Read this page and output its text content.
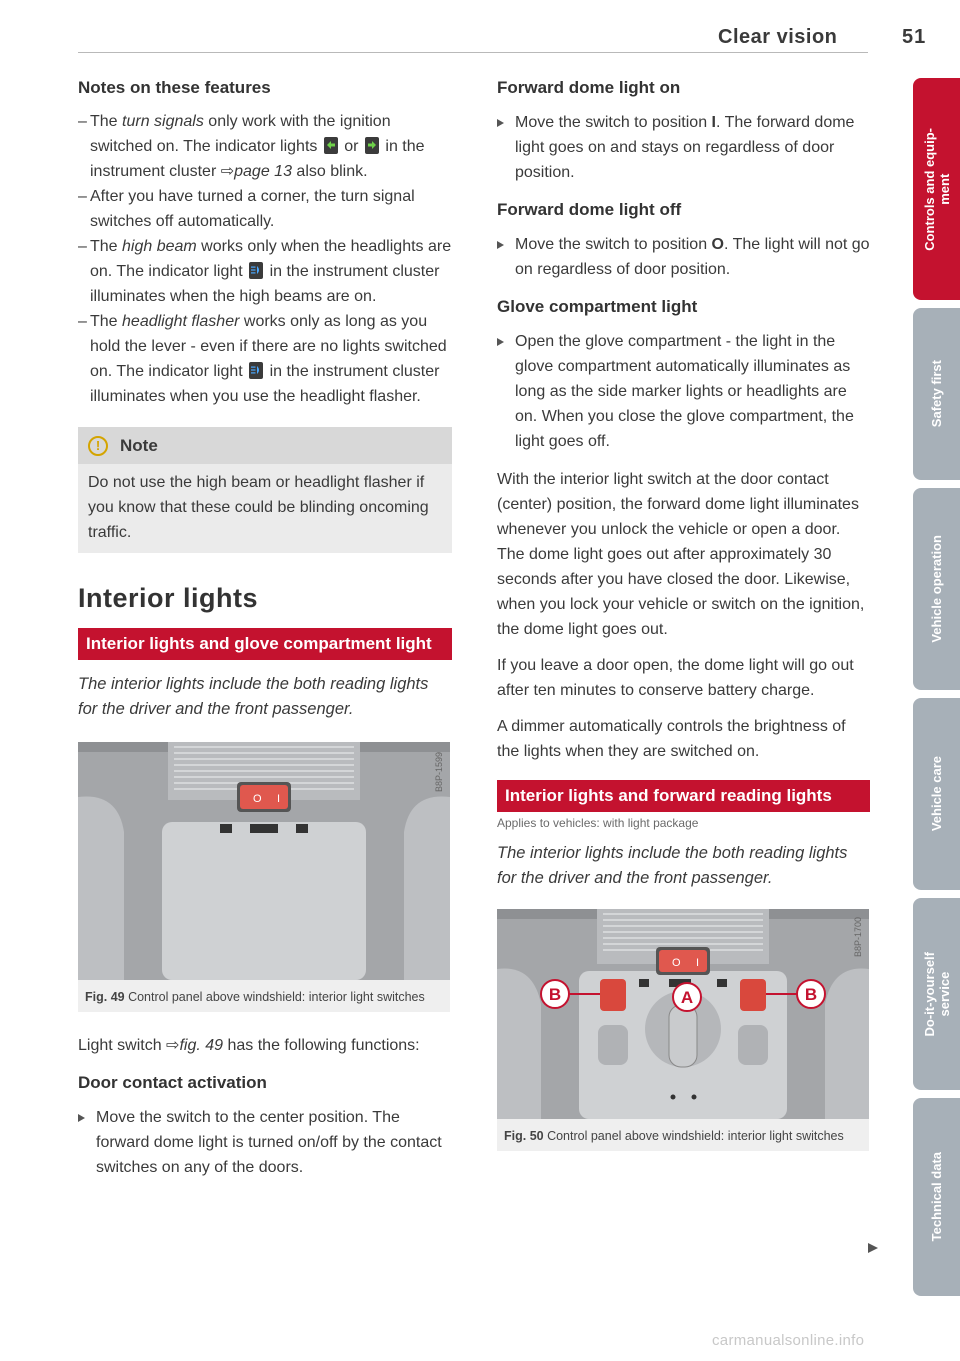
Clear vision	51
Notes on these features
– The turn signals only work with the ignition switched on. The indicator lights
or
in the instrument cluster ⇨page 13 also blink.
– After you have turned a corner, the turn signal switches off automatically.
– The high beam works only when the headlights are on. The indicator light
in the instrument cluster illuminates when the high beams are on.
– The headlight flasher works only as long as you hold the lever - even if there are no lights switched on. The indicator light
in the instrument cluster illuminates when you use the headlight flasher.
!	Note
Do not use the high beam or headlight flasher if you know that these could be blinding oncoming traffic.
Interior lights
Interior lights and glove compartment light
The interior lights include the both reading lights for the driver and the front passenger.
O I
B8P-1599
Fig. 49 Control panel above windshield: interior light switches

Light switch ⇨fig. 49 has the following functions:

Door contact activation
Move the switch to the center position. The forward dome light is turned on/off by the contact switches on any of the doors.
Forward dome light on
Move the switch to position I. The forward dome light goes on and stays on regardless of door position.
Forward dome light off
Move the switch to position O. The light will not go on regardless of door position.
Glove compartment light
Open the glove compartment - the light in the glove compartment automatically illuminates as long as the side marker lights or headlights are on. When you close the glove compartment, the light goes off.

With the interior light switch at the door contact (center) position, the forward dome light illuminates whenever you unlock the vehicle or open a door. The dome light goes out after approximately 30 seconds after you have closed the door. Likewise, when you lock your vehicle or switch on the ignition, the dome light goes out.

If you leave a door open, the dome light will go out after ten minutes to conserve battery charge.

A dimmer automatically controls the brightness of the lights when they are switched on.

Interior lights and forward reading lights
Applies to vehicles: with light package
The interior lights include the both reading lights for the driver and the front passenger.
O I
B	B
A
B8P-1700
Fig. 50 Control panel above windshield: interior light switches
Controls and equip-
ment
Safety first
Vehicle operation
Vehicle care
Do-it-yourself
service
Technical data
carmanualsonline.info
